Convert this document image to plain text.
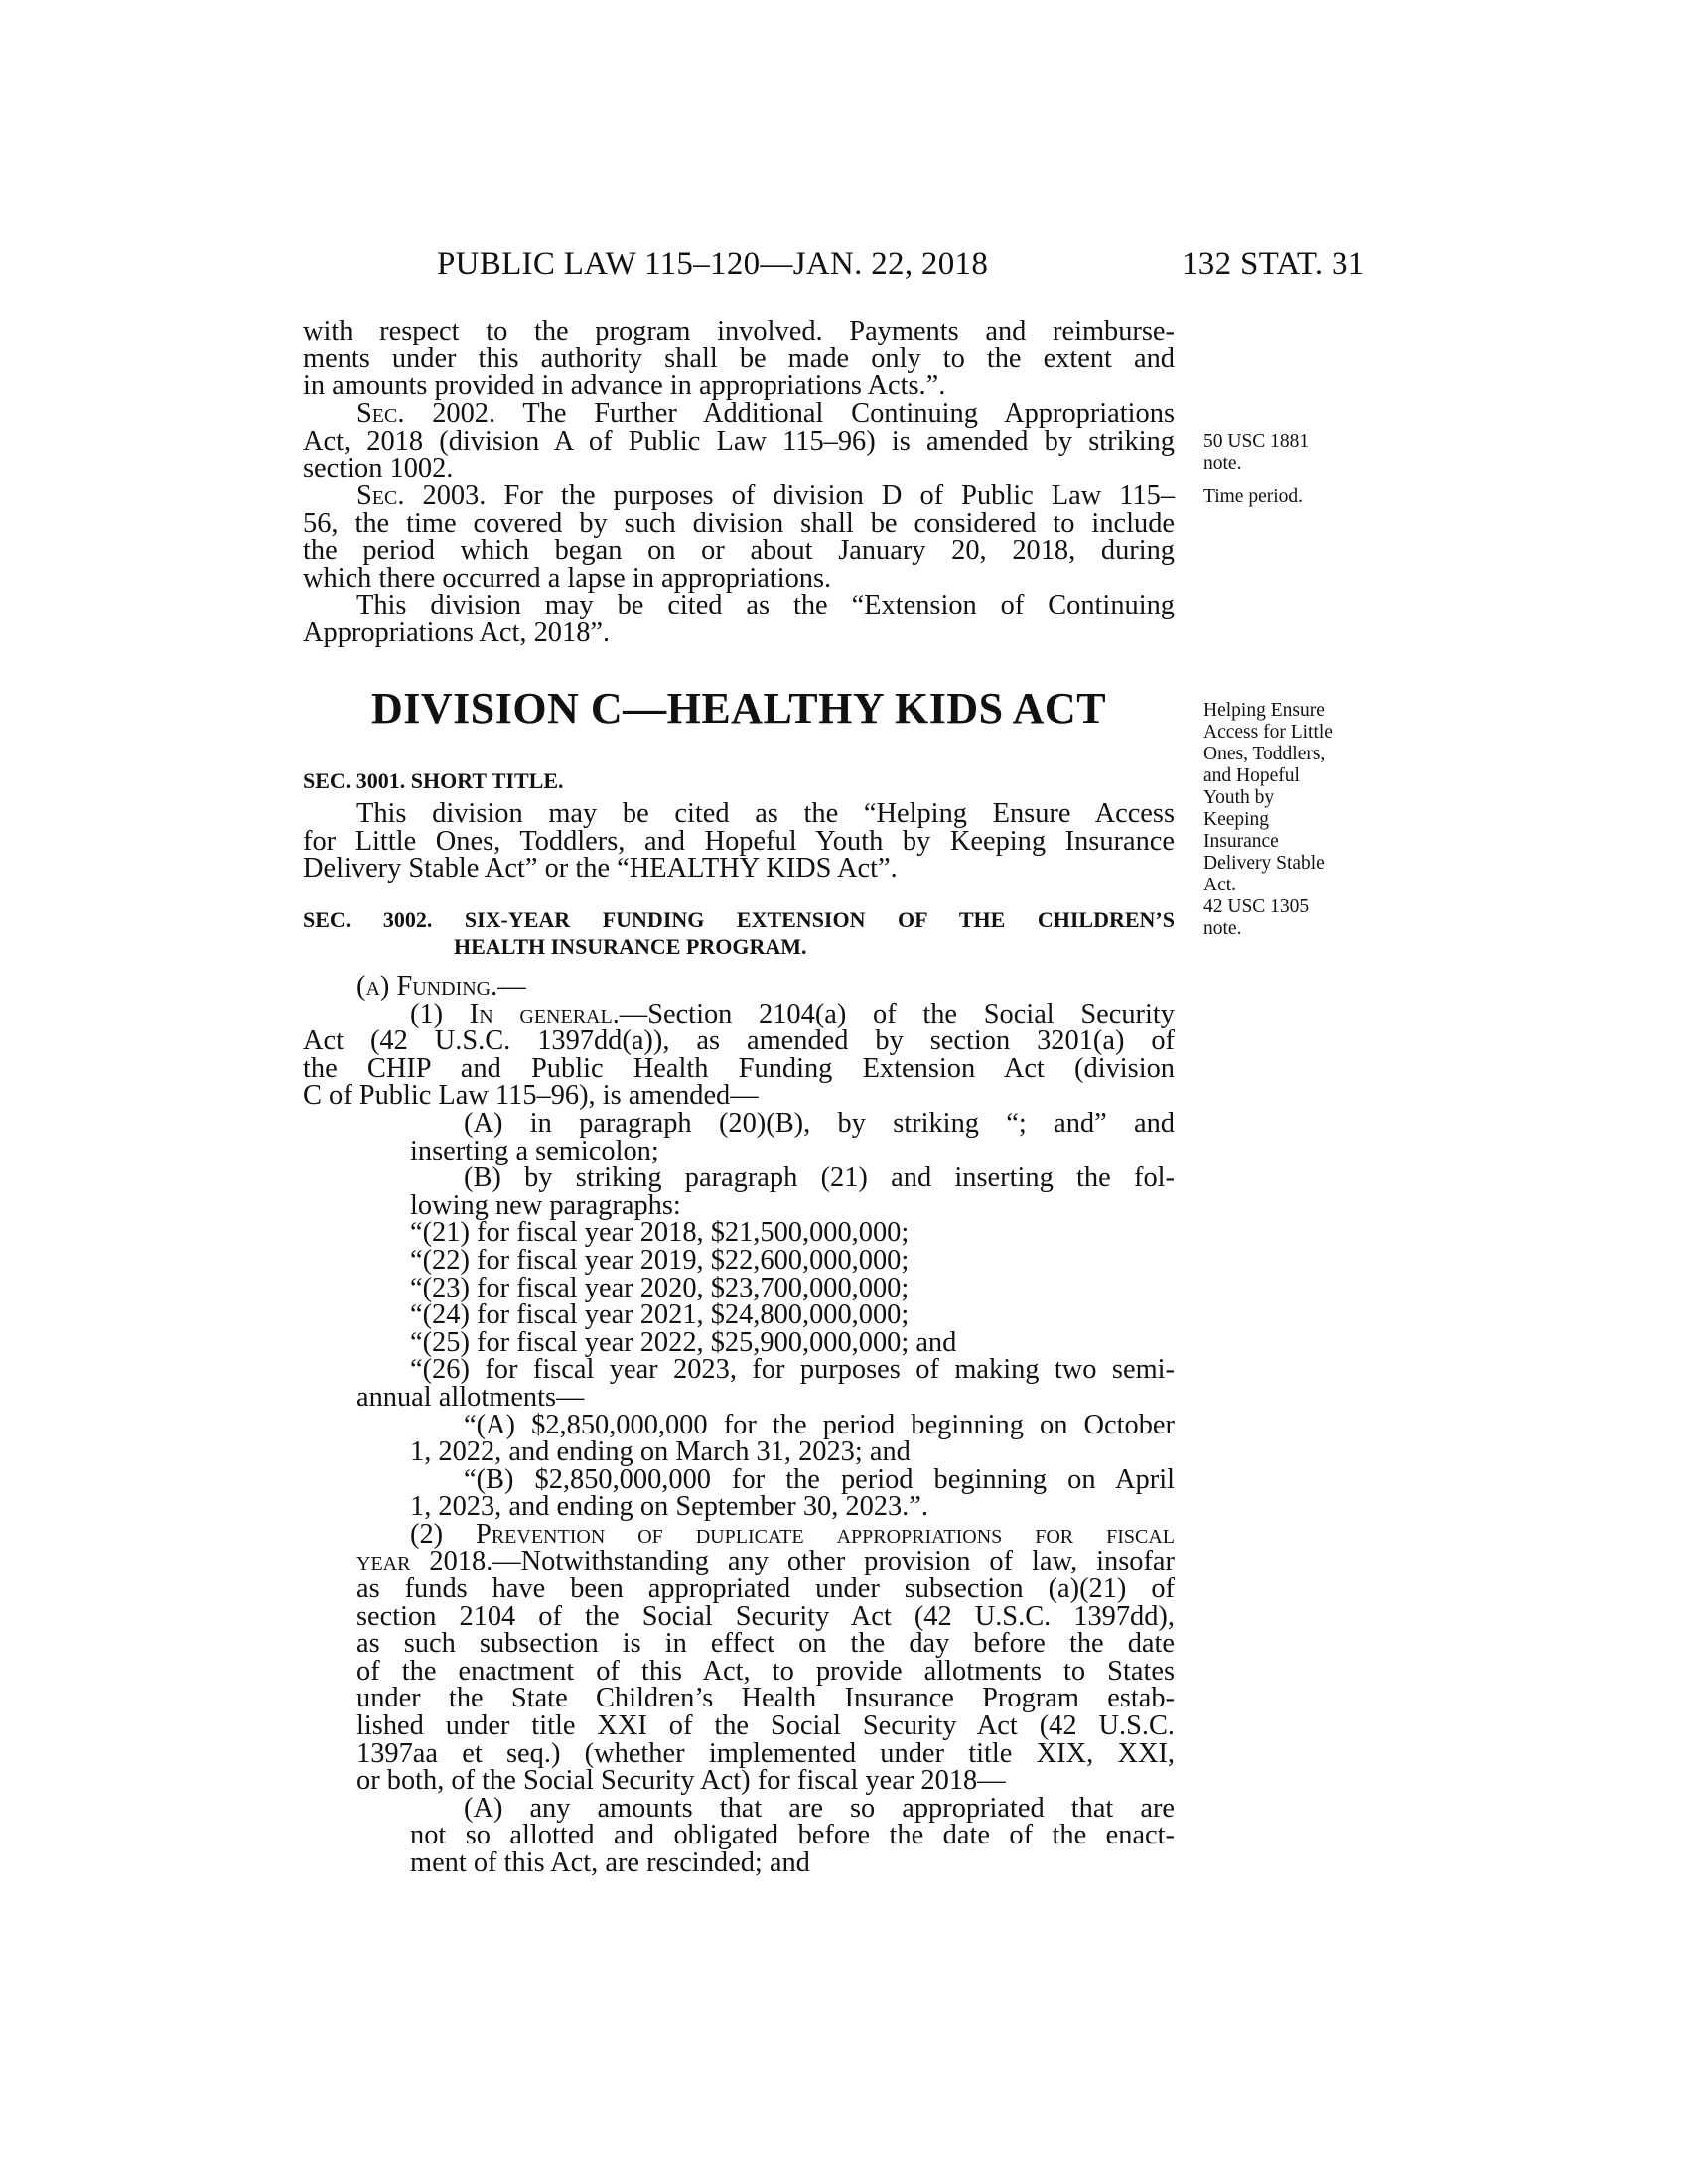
PUBLIC LAW 115–120—JAN. 22, 2018	132 STAT. 31
with respect to the program involved. Payments and reimburse-
ments under this authority shall be made only to the extent and
in amounts provided in advance in appropriations Acts.”.
Sec. 2002. The Further Additional Continuing Appropriations
Act, 2018 (division A of Public Law 115–96) is amended by striking
section 1002.
Sec. 2003. For the purposes of division D of Public Law 115–
56, the time covered by such division shall be considered to include
the period which began on or about January 20, 2018, during
which there occurred a lapse in appropriations.
This division may be cited as the “Extension of Continuing
Appropriations Act, 2018”.
DIVISION C—HEALTHY KIDS ACT
SEC. 3001. SHORT TITLE.
This division may be cited as the “Helping Ensure Access
for Little Ones, Toddlers, and Hopeful Youth by Keeping Insurance
Delivery Stable Act” or the “HEALTHY KIDS Act”.
SEC. 3002. SIX-YEAR FUNDING EXTENSION OF THE CHILDREN’S
HEALTH INSURANCE PROGRAM.
(a) Funding.—
(1) In general.—Section 2104(a) of the Social Security
Act (42 U.S.C. 1397dd(a)), as amended by section 3201(a) of
the CHIP and Public Health Funding Extension Act (division
C of Public Law 115–96), is amended—
(A) in paragraph (20)(B), by striking “; and” and
inserting a semicolon;
(B) by striking paragraph (21) and inserting the fol-
lowing new paragraphs:
“(21) for fiscal year 2018, $21,500,000,000;
“(22) for fiscal year 2019, $22,600,000,000;
“(23) for fiscal year 2020, $23,700,000,000;
“(24) for fiscal year 2021, $24,800,000,000;
“(25) for fiscal year 2022, $25,900,000,000; and
“(26) for fiscal year 2023, for purposes of making two semi-
annual allotments—
“(A) $2,850,000,000 for the period beginning on October
1, 2022, and ending on March 31, 2023; and
“(B) $2,850,000,000 for the period beginning on April
1, 2023, and ending on September 30, 2023.”.
(2) Prevention of duplicate appropriations for fiscal
year 2018.—Notwithstanding any other provision of law, insofar
as funds have been appropriated under subsection (a)(21) of
section 2104 of the Social Security Act (42 U.S.C. 1397dd),
as such subsection is in effect on the day before the date
of the enactment of this Act, to provide allotments to States
under the State Children’s Health Insurance Program estab-
lished under title XXI of the Social Security Act (42 U.S.C.
1397aa et seq.) (whether implemented under title XIX, XXI,
or both, of the Social Security Act) for fiscal year 2018—
(A) any amounts that are so appropriated that are
not so allotted and obligated before the date of the enact-
ment of this Act, are rescinded; and
50 USC 1881
note.
Time period.
Helping Ensure
Access for Little
Ones, Toddlers,
and Hopeful
Youth by
Keeping
Insurance
Delivery Stable
Act.
42 USC 1305
note.
